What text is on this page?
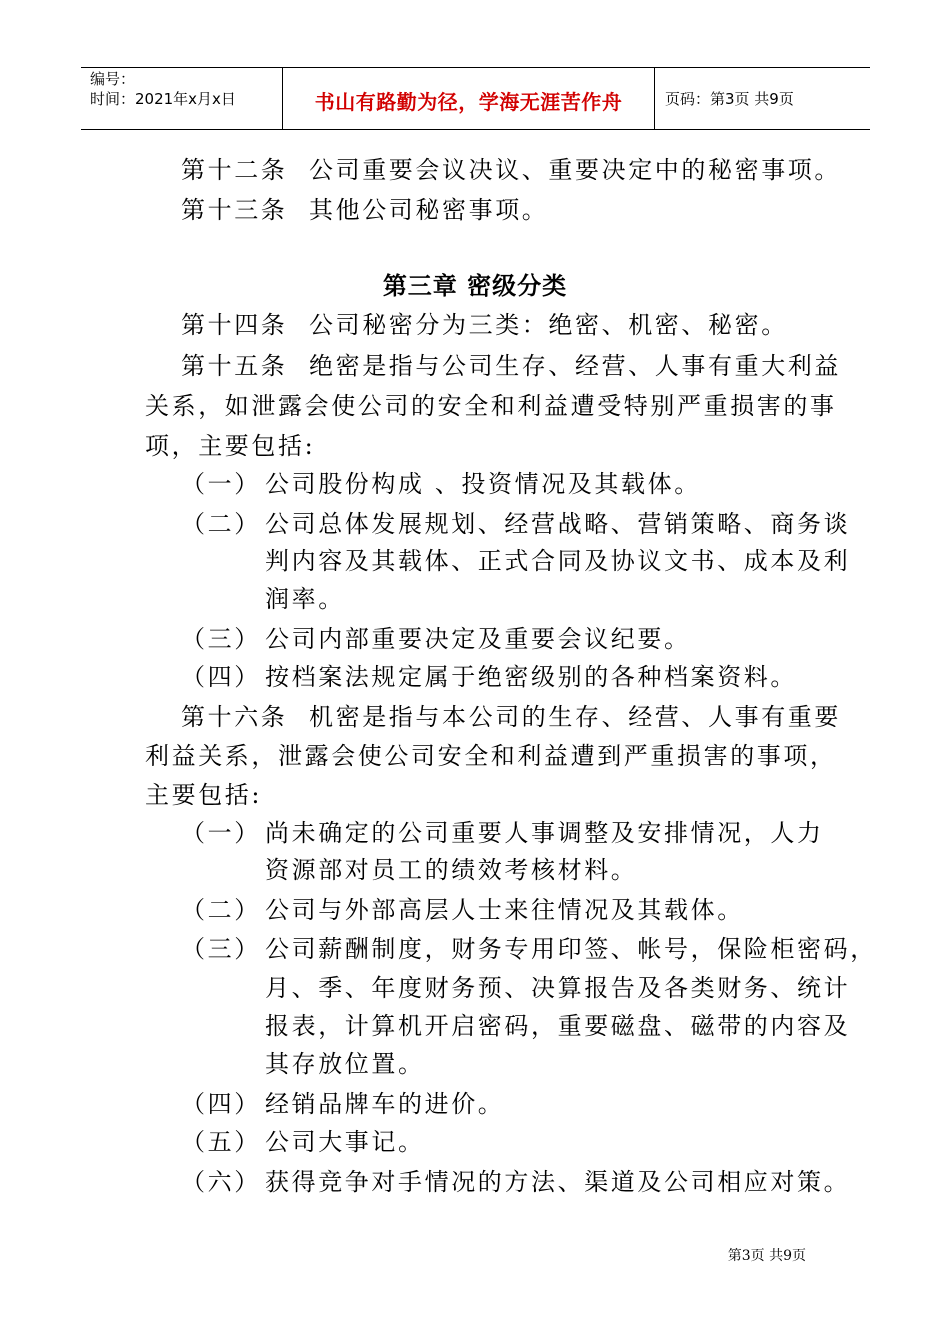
编号：
时间：2021年x月x日	书山有路勤为径，学海无涯苦作舟	页码：第3页 共9页
第十二条 公司重要会议决议、重要决定中的秘密事项。
第十三条 其他公司秘密事项。
第三章 密级分类
第十四条 公司秘密分为三类：绝密、机密、秘密。
第十五条 绝密是指与公司生存、经营、人事有重大利益
关系，如泄露会使公司的安全和利益遭受特别严重损害的事
项，主要包括:
（一） 公司股份构成 、投资情况及其载体。
（二） 公司总体发展规划、经营战略、营销策略、商务谈
判内容及其载体、正式合同及协议文书、成本及利
润率。
（三） 公司内部重要决定及重要会议纪要。
（四） 按档案法规定属于绝密级别的各种档案资料。
第十六条 机密是指与本公司的生存、经营、人事有重要
利益关系，泄露会使公司安全和利益遭到严重损害的事项，
主要包括:
（一） 尚未确定的公司重要人事调整及安排情况，人力
资源部对员工的绩效考核材料。
（二） 公司与外部高层人士来往情况及其载体。
（三） 公司薪酬制度，财务专用印签、帐号，保险柜密码，
月、季、年度财务预、决算报告及各类财务、统计
报表，计算机开启密码，重要磁盘、磁带的内容及
其存放位置。
（四） 经销品牌车的进价。
（五） 公司大事记。
（六） 获得竞争对手情况的方法、渠道及公司相应对策。
第3页 共9页
